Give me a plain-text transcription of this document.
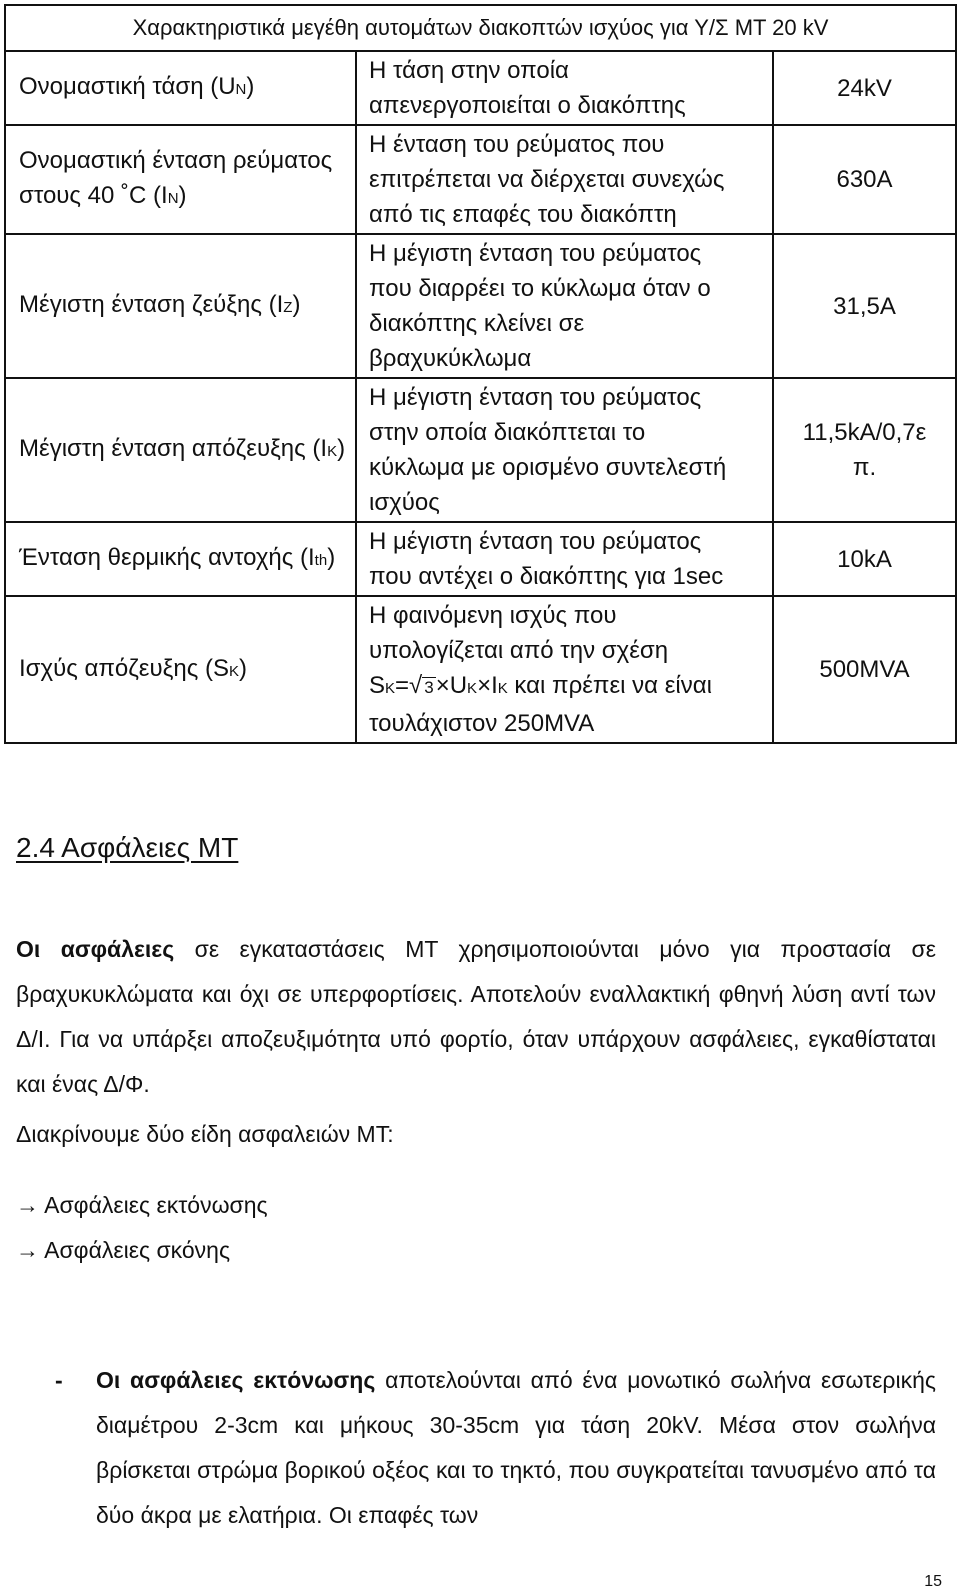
Χαρακτηριστικά μεγέθη αυτομάτων διακοπτών ισχύος για Υ/Σ ΜΤ 20 kV		
Ονομαστική τάση (UN)	Η τάση στην οποία
απενεργοποιείται ο διακόπτης	24kV
Ονομαστική ένταση ρεύματος στους 40 ˚C (IN)	Η ένταση του ρεύματος που
επιτρέπεται να διέρχεται συνεχώς
από τις επαφές του διακόπτη	630Α
Μέγιστη ένταση ζεύξης (IZ)	Η μέγιστη ένταση του ρεύματος
που διαρρέει το κύκλωμα όταν ο
διακόπτης κλείνει σε
βραχυκύκλωμα	31,5Α
Μέγιστη ένταση απόζευξης (IK)	Η μέγιστη ένταση του ρεύματος
στην οποία διακόπτεται το
κύκλωμα με ορισμένο συντελεστή
ισχύος	11,5kΑ/0,7ε π.
Ένταση θερμικής αντοχής (Ith)	Η μέγιστη ένταση του ρεύματος
που αντέχει ο διακόπτης για 1sec	10kΑ
Ισχύς απόζευξης (SK)	Η φαινόμενη ισχύς που
υπολογίζεται από την σχέση
SK=√ 3×UK×IK και πρέπει να είναι
τουλάχιστον 250MVA	500MVA
2.4 Ασφάλειες ΜΤ

Οι ασφάλειες σε εγκαταστάσεις ΜΤ χρησιμοποιούνται μόνο για προστασία σε βραχυκυκλώματα και όχι σε υπερφορτίσεις. Αποτελούν εναλλακτική φθηνή λύση αντί των Δ/Ι. Για να υπάρξει αποζευξιμότητα υπό φορτίο, όταν υπάρχουν ασφάλειες, εγκαθίσταται και ένας Δ/Φ.

Διακρίνουμε δύο είδη ασφαλειών ΜΤ:

→ Ασφάλειες εκτόνωσης

→ Ασφάλειες σκόνης

- Οι ασφάλειες εκτόνωσης αποτελούνται από ένα μονωτικό σωλήνα εσωτερικής διαμέτρου 2-3cm και μήκους 30-35cm για τάση 20kV. Μέσα στον σωλήνα βρίσκεται στρώμα βορικού οξέος και το τηκτό, που συγκρατείται τανυσμένο από τα δύο άκρα με ελατήρια. Οι επαφές των

15
